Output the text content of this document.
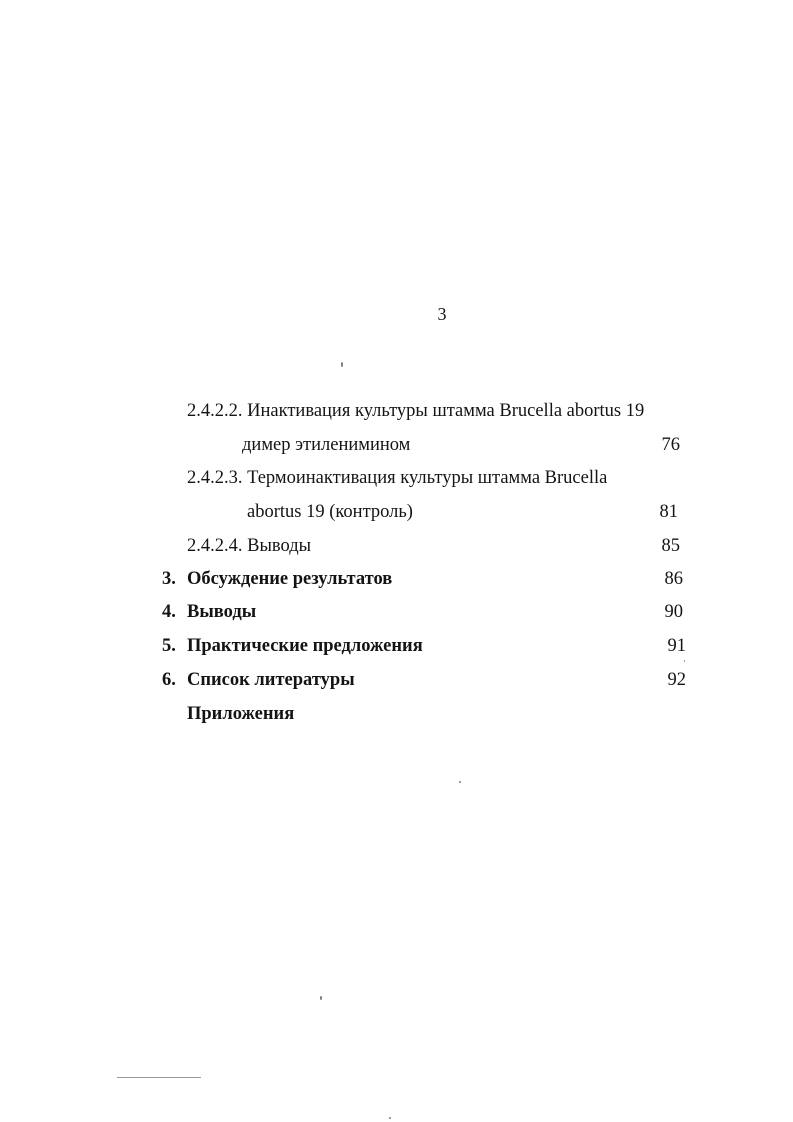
3
2.4.2.2. Инактивация культуры штамма Brucella abortus 19
димер этиленимином	76
2.4.2.3. Термоинактивация культуры штамма Brucella
abortus 19 (контроль)	81
2.4.2.4. Выводы	85
3. Обсуждение результатов	86
4. Выводы	90
5. Практические предложения	91
6. Список литературы	92
Приложения
